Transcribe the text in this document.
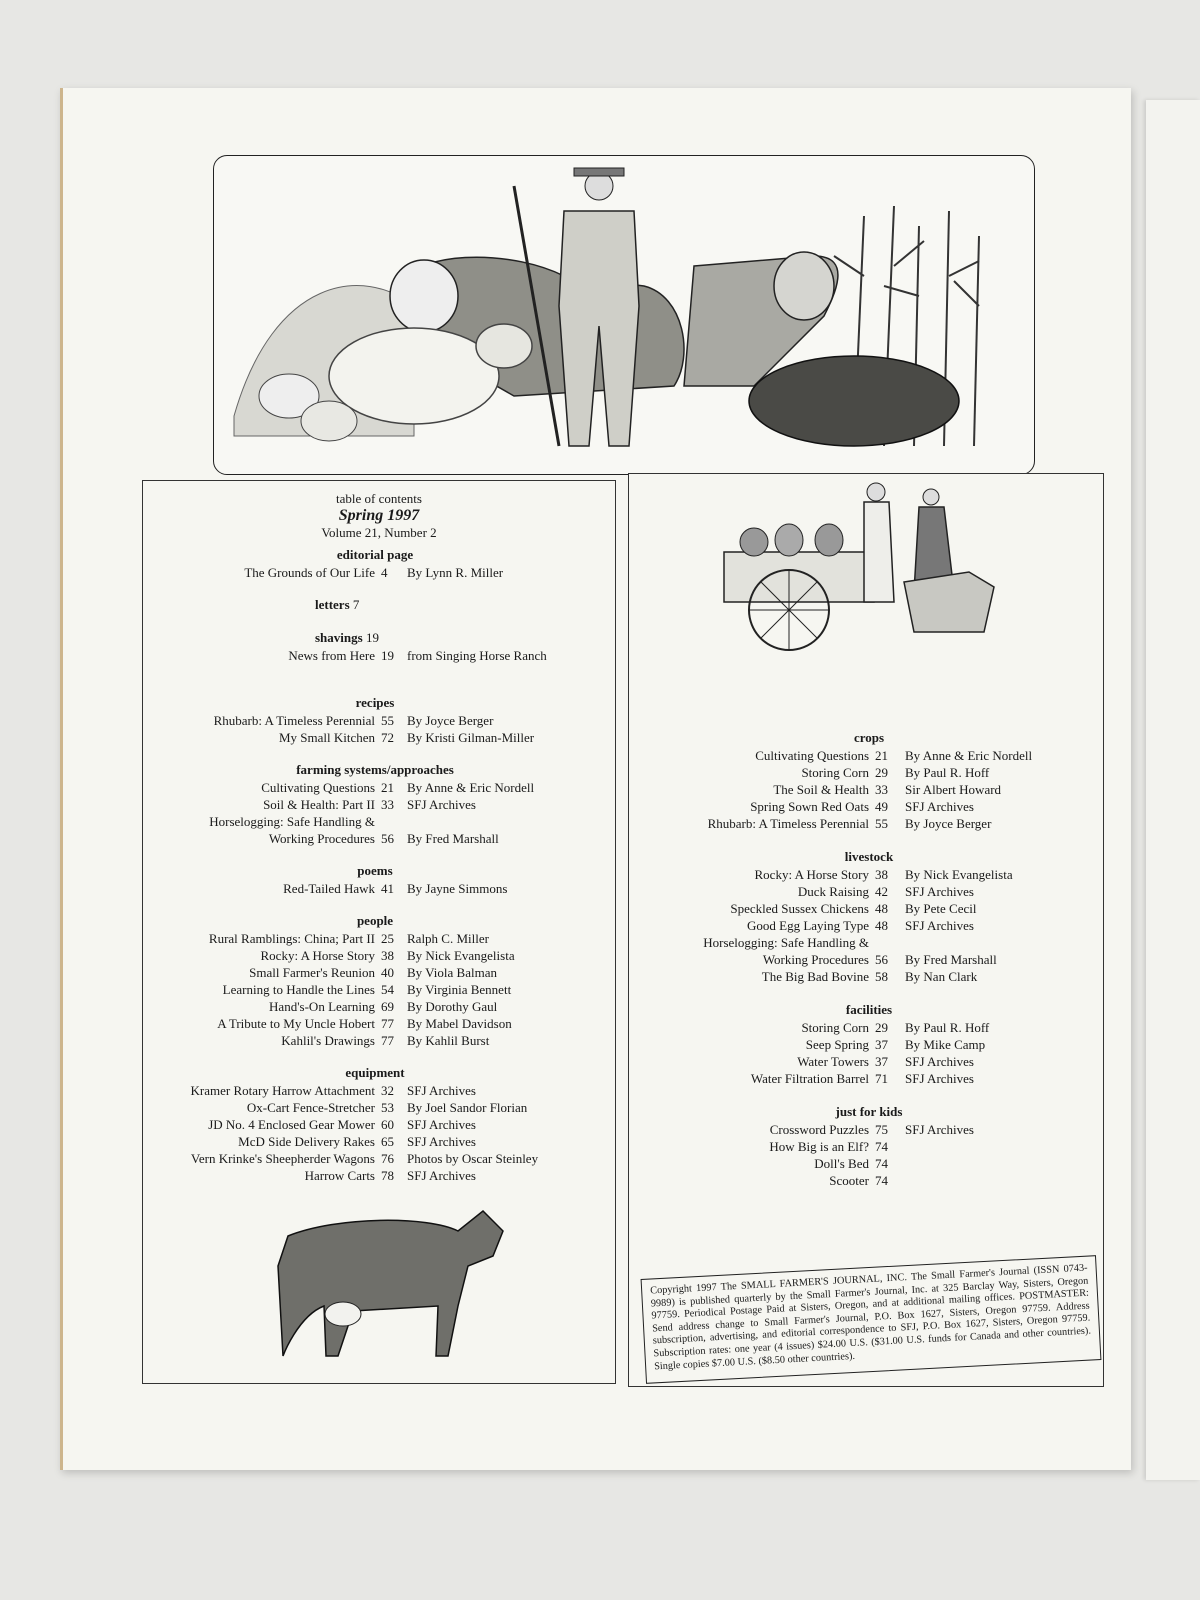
table of contents
Spring 1997
Volume 21, Number 2
editorial page
The Grounds of Our Life 4 By Lynn R. Miller
letters 7
shavings 19
News from Here 19 from Singing Horse Ranch
recipes
Rhubarb: A Timeless Perennial 55 By Joyce Berger
My Small Kitchen 72 By Kristi Gilman-Miller
farming systems/approaches
Cultivating Questions 21 By Anne & Eric Nordell
Soil & Health: Part II 33 SFJ Archives
Horselogging: Safe Handling &
Working Procedures 56 By Fred Marshall
poems
Red-Tailed Hawk 41 By Jayne Simmons
people
Rural Ramblings: China; Part II 25 Ralph C. Miller
Rocky: A Horse Story 38 By Nick Evangelista
Small Farmer's Reunion 40 By Viola Balman
Learning to Handle the Lines 54 By Virginia Bennett
Hand's-On Learning 69 By Dorothy Gaul
A Tribute to My Uncle Hobert 77 By Mabel Davidson
Kahlil's Drawings 77 By Kahlil Burst
equipment
Kramer Rotary Harrow Attachment 32 SFJ Archives
Ox-Cart Fence-Stretcher 53 By Joel Sandor Florian
JD No. 4 Enclosed Gear Mower 60 SFJ Archives
McD Side Delivery Rakes 65 SFJ Archives
Vern Krinke's Sheepherder Wagons 76 Photos by Oscar Steinley
Harrow Carts 78 SFJ Archives
crops
Cultivating Questions 21 By Anne & Eric Nordell
Storing Corn 29 By Paul R. Hoff
The Soil & Health 33 Sir Albert Howard
Spring Sown Red Oats 49 SFJ Archives
Rhubarb: A Timeless Perennial 55 By Joyce Berger
livestock
Rocky: A Horse Story 38 By Nick Evangelista
Duck Raising 42 SFJ Archives
Speckled Sussex Chickens 48 By Pete Cecil
Good Egg Laying Type 48 SFJ Archives
Horselogging: Safe Handling &
Working Procedures 56 By Fred Marshall
The Big Bad Bovine 58 By Nan Clark
facilities
Storing Corn 29 By Paul R. Hoff
Seep Spring 37 By Mike Camp
Water Towers 37 SFJ Archives
Water Filtration Barrel 71 SFJ Archives
just for kids
Crossword Puzzles 75 SFJ Archives
How Big is an Elf? 74
Doll's Bed 74
Scooter 74
Copyright 1997 The SMALL FARMER'S JOURNAL, INC. The Small Farmer's Journal (ISSN 0743-9989) is published quarterly by the Small Farmer's Journal, Inc. at 325 Barclay Way, Sisters, Oregon 97759. Periodical Postage Paid at Sisters, Oregon, and at additional mailing offices. POSTMASTER: Send address change to Small Farmer's Journal, P.O. Box 1627, Sisters, Oregon 97759. Address subscription, advertising, and editorial correspondence to SFJ, P.O. Box 1627, Sisters, Oregon 97759. Subscription rates: one year (4 issues) $24.00 U.S. ($31.00 U.S. funds for Canada and other countries). Single copies $7.00 U.S. ($8.50 other countries).
